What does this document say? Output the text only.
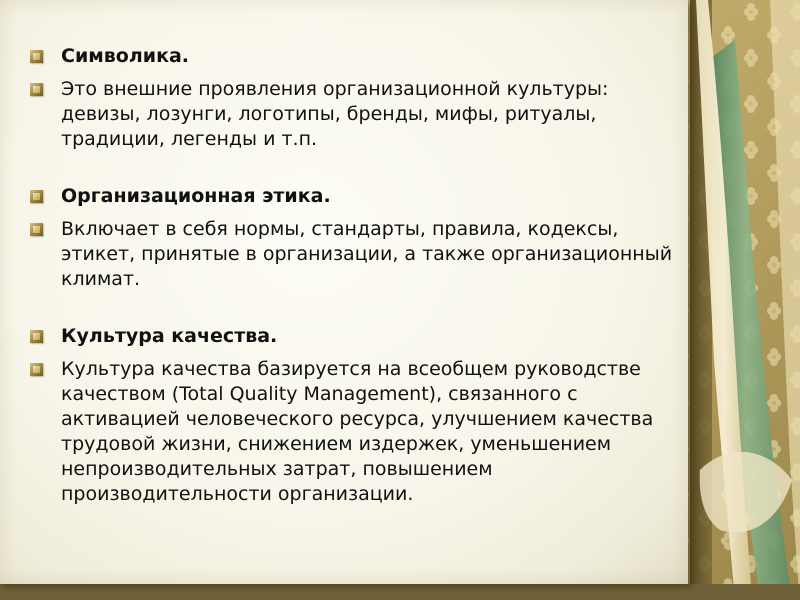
Символика.
Это внешние проявления организационной культуры: девизы, лозунги, логотипы, бренды, мифы, ритуалы, традиции, легенды и т.п.
Организационная этика.
Включает в себя нормы, стандарты, правила, кодексы, этикет, принятые в организации, а также организационный климат.
Культура качества.
Культура качества базируется на всеобщем руководстве качеством (Total Quality Management), связанного с активацией человеческого ресурса, улучшением качества трудовой жизни, снижением издержек, уменьшением непроизводительных затрат, повышением производительности организации.
